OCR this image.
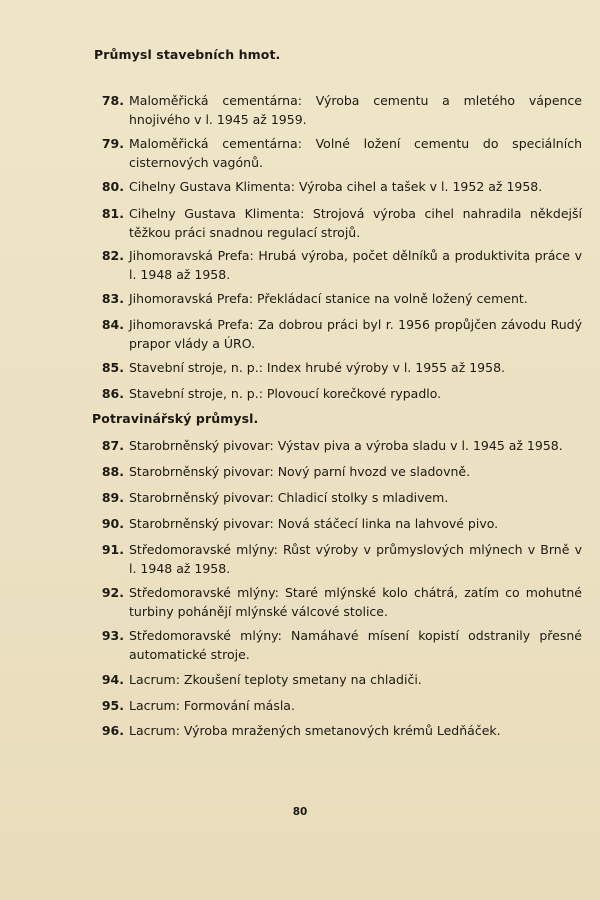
Průmysl stavebních hmot.
78. Maloměřická cementárna: Výroba cementu a mletého vápence hnojivého v l. 1945 až 1959.
79. Maloměřická cementárna: Volné ložení cementu do speciálních cisternových vagónů.
80. Cihelny Gustava Klimenta: Výroba cihel a tašek v l. 1952 až 1958.
81. Cihelny Gustava Klimenta: Strojová výroba cihel nahradila někdejší těžkou práci snadnou regulací strojů.
82. Jihomoravská Prefa: Hrubá výroba, počet dělníků a produktivita práce v l. 1948 až 1958.
83. Jihomoravská Prefa: Překládací stanice na volně ložený cement.
84. Jihomoravská Prefa: Za dobrou práci byl r. 1956 propůjčen závodu Rudý prapor vlády a ÚRO.
85. Stavební stroje, n. p.: Index hrubé výroby v l. 1955 až 1958.
86. Stavební stroje, n. p.: Plovoucí korečkové rypadlo.
Potravinářský průmysl.
87. Starobrněnský pivovar: Výstav piva a výroba sladu v l. 1945 až 1958.
88. Starobrněnský pivovar: Nový parní hvozd ve sladovně.
89. Starobrněnský pivovar: Chladicí stolky s mladivem.
90. Starobrněnský pivovar: Nová stáčecí linka na lahvové pivo.
91. Středomoravské mlýny: Růst výroby v průmyslových mlýnech v Brně v l. 1948 až 1958.
92. Středomoravské mlýny: Staré mlýnské kolo chátrá, zatím co mohutné turbiny pohánějí mlýnské válcové stolice.
93. Středomoravské mlýny: Namáhavé mísení kopistí odstranily přesné automatické stroje.
94. Lacrum: Zkoušení teploty smetany na chladiči.
95. Lacrum: Formování másla.
96. Lacrum: Výroba mražených smetanových krémů Ledňáček.
80
